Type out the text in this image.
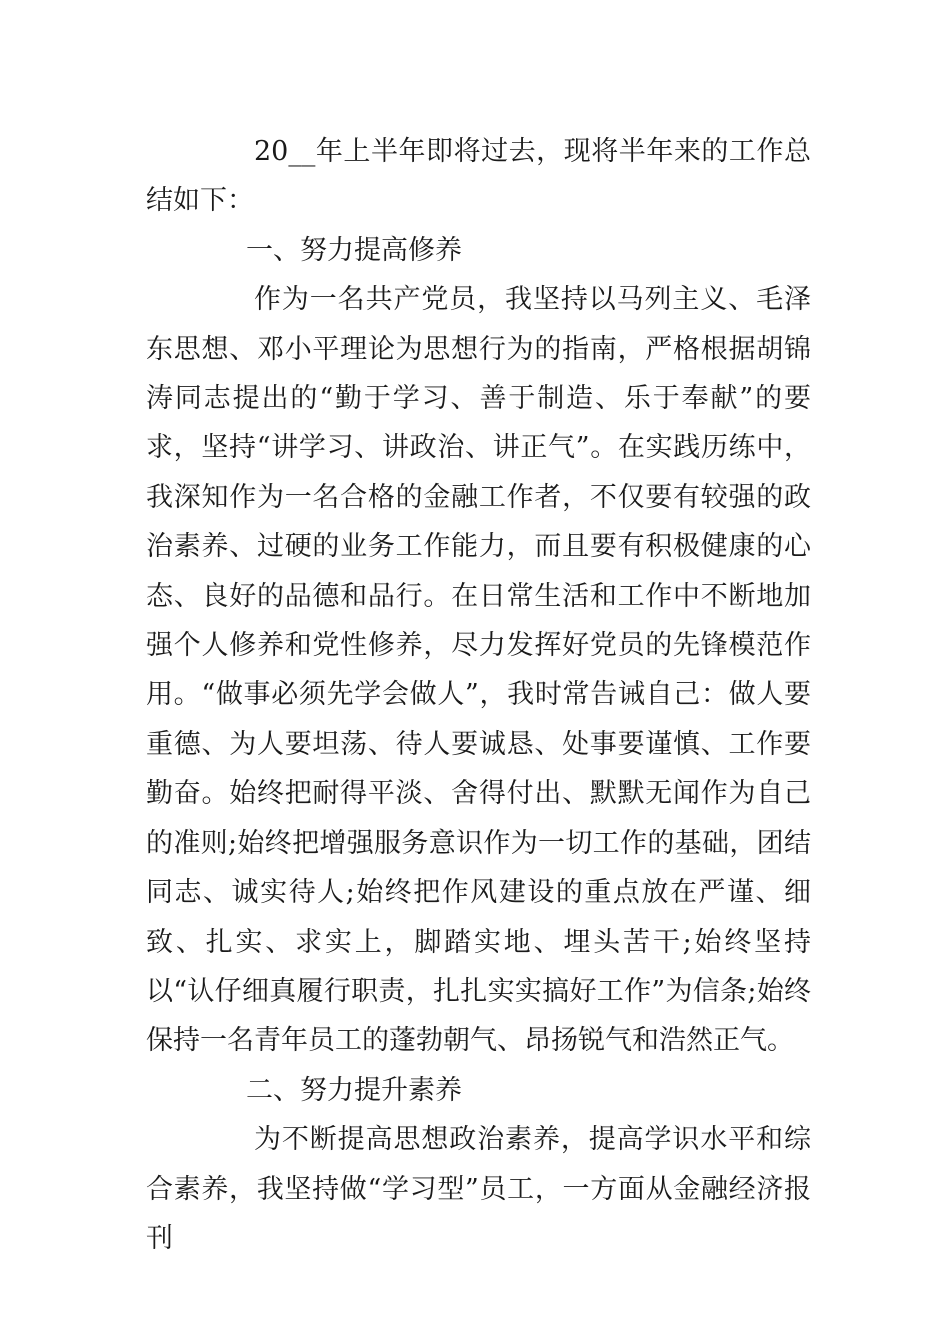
20__年上半年即将过去，现将半年来的工作总结如下：

一、努力提高修养

作为一名共产党员，我坚持以马列主义、毛泽东思想、邓小平理论为思想行为的指南，严格根据胡锦涛同志提出的“勤于学习、善于制造、乐于奉献”的要求，坚持“讲学习、讲政治、讲正气”。在实践历练中，我深知作为一名合格的金融工作者，不仅要有较强的政治素养、过硬的业务工作能力，而且要有积极健康的心态、良好的品德和品行。在日常生活和工作中不断地加强个人修养和党性修养，尽力发挥好党员的先锋模范作用。“做事必须先学会做人”，我时常告诫自己：做人要重德、为人要坦荡、待人要诚恳、处事要谨慎、工作要勤奋。始终把耐得平淡、舍得付出、默默无闻作为自己的准则;始终把增强服务意识作为一切工作的基础，团结同志、诚实待人;始终把作风建设的重点放在严谨、细致、扎实、求实上，脚踏实地、埋头苦干;始终坚持以“认仔细真履行职责，扎扎实实搞好工作”为信条;始终保持一名青年员工的蓬勃朝气、昂扬锐气和浩然正气。

二、努力提升素养

为不断提高思想政治素养，提高学识水平和综合素养，我坚持做“学习型”员工，一方面从金融经济报刊
